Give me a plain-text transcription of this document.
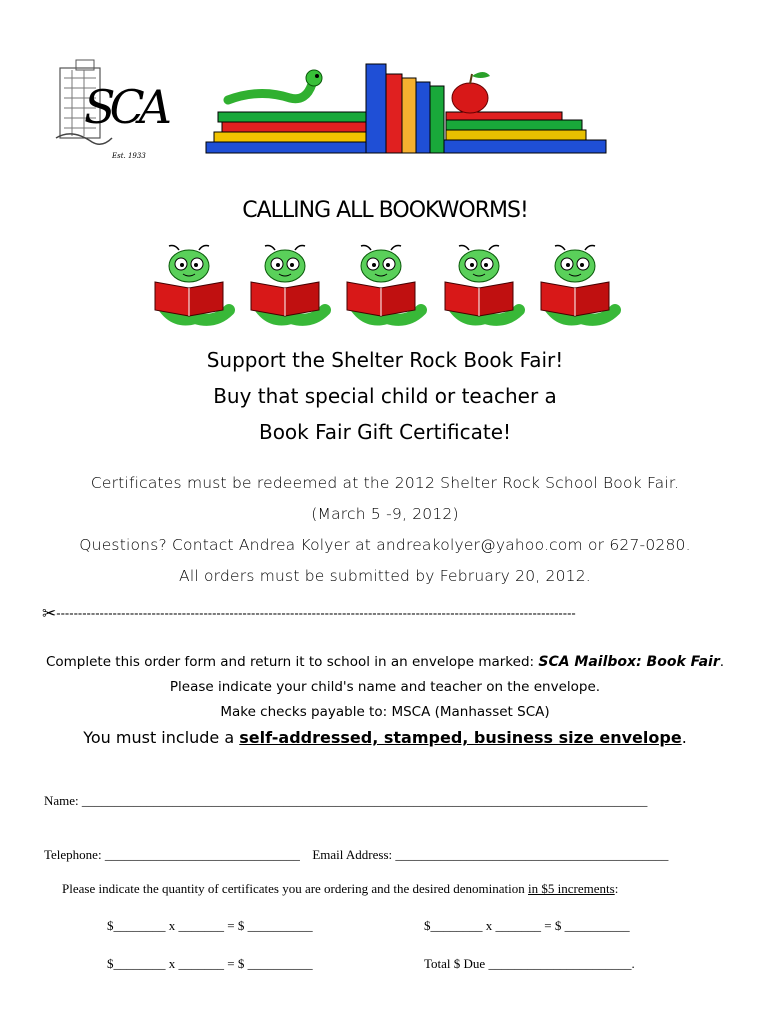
SCA
Est. 1933
CALLING ALL BOOKWORMS!
Support the Shelter Rock Book Fair!
Buy that special child or teacher a
Book Fair Gift Certificate!
Certificates must be redeemed at the 2012 Shelter Rock School Book Fair.
(March 5 -9, 2012)
Questions? Contact Andrea Kolyer at andreakolyer@yahoo.com or 627-0280.
All orders must be submitted by February 20, 2012.
✂------------------------------------------------------------------------------------------------------------------------
Complete this order form and return it to school in an envelope marked: SCA Mailbox: Book Fair.
Please indicate your child's name and teacher on the envelope.
Make checks payable to: MSCA (Manhasset SCA)
You must include a self-addressed, stamped, business size envelope.
Name: _______________________________________________________________________________________
Telephone: ______________________________ Email Address: __________________________________________
Please indicate the quantity of certificates you are ordering and the desired denomination in $5 increments:
$________ x _______ = $ __________	$________ x _______ = $ __________
$________ x _______ = $ __________	Total $ Due ______________________.
